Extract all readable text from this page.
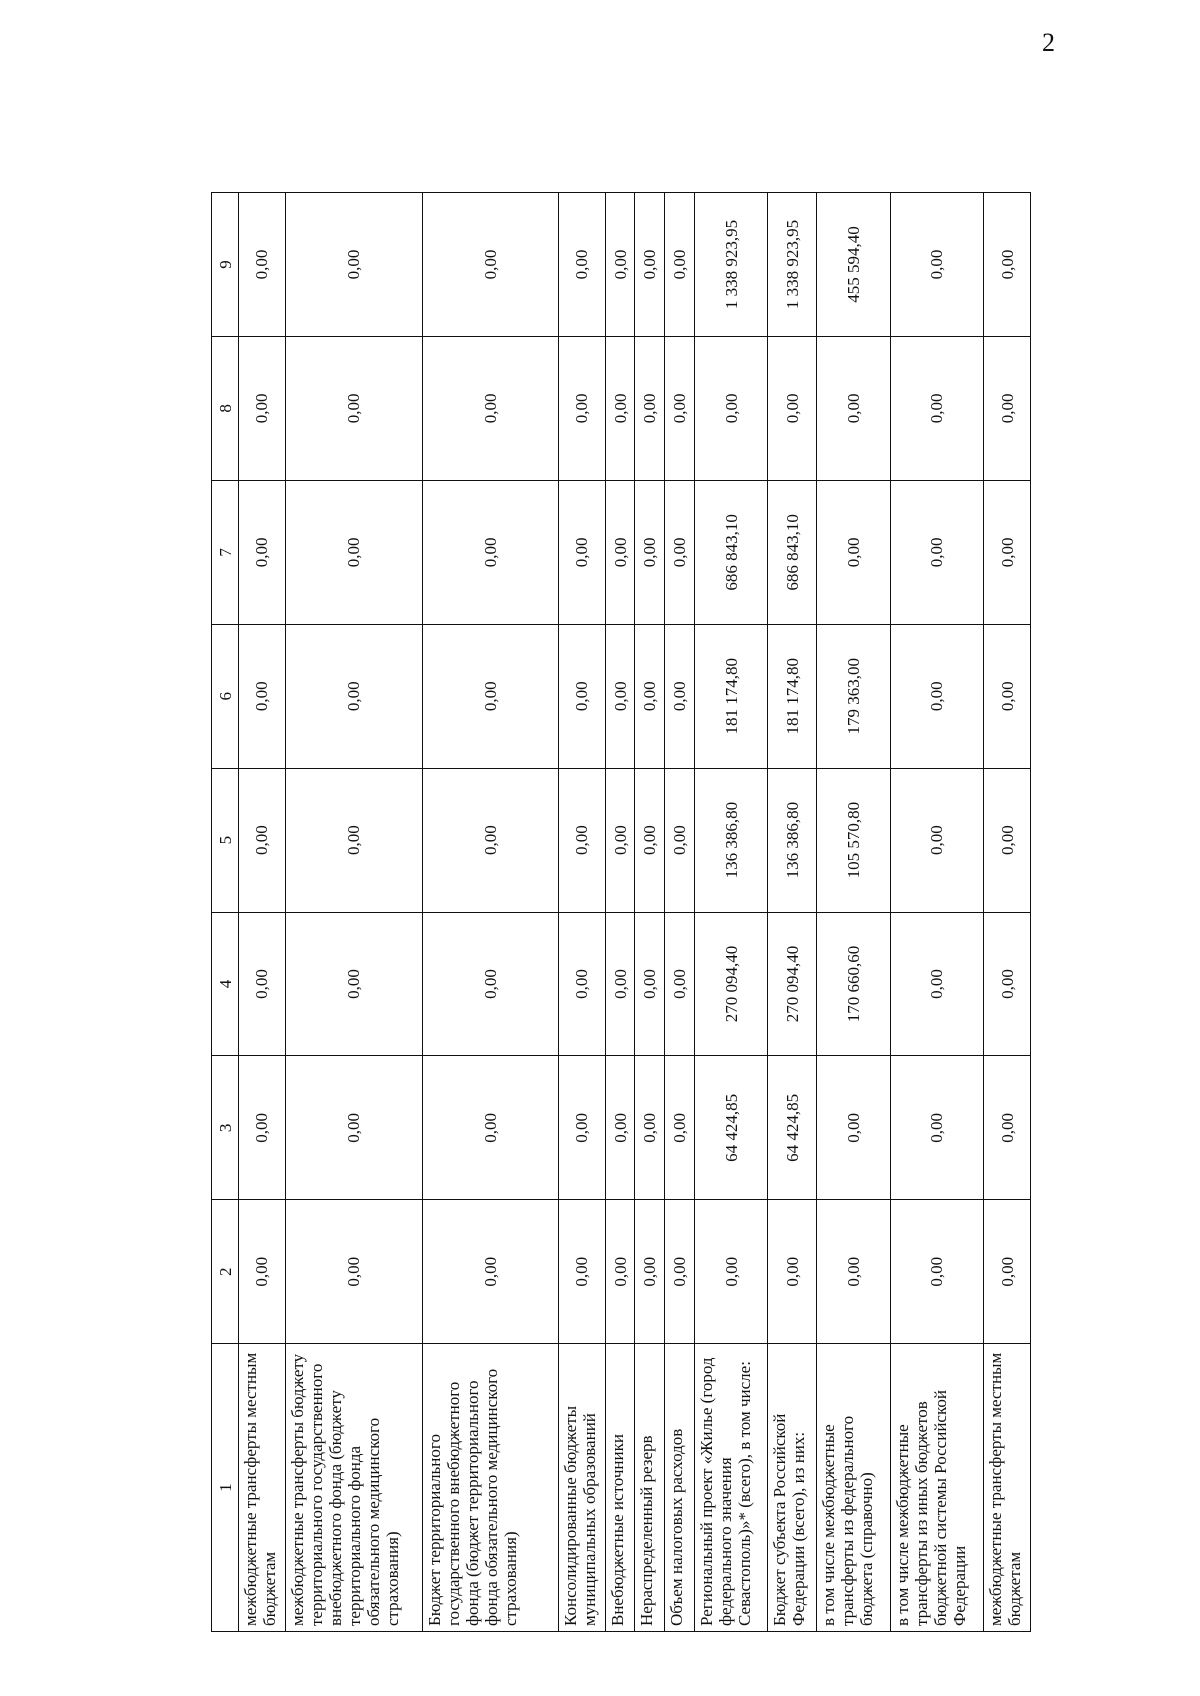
2
1	2	3	4	5	6	7	8	9
межбюджетные трансферты местным бюджетам	0,00	0,00	0,00	0,00	0,00	0,00	0,00	0,00
межбюджетные трансферты бюджету территориального государственного внебюджетного фонда (бюджету территориального фонда обязательного медицинского страхования)	0,00	0,00	0,00	0,00	0,00	0,00	0,00	0,00
Бюджет территориального государственного внебюджетного фонда (бюджет территориального фонда обязательного медицинского страхования)	0,00	0,00	0,00	0,00	0,00	0,00	0,00	0,00
Консолидированные бюджеты муниципальных образований	0,00	0,00	0,00	0,00	0,00	0,00	0,00	0,00
Внебюджетные источники	0,00	0,00	0,00	0,00	0,00	0,00	0,00	0,00
Нераспределенный резерв	0,00	0,00	0,00	0,00	0,00	0,00	0,00	0,00
Объем налоговых расходов	0,00	0,00	0,00	0,00	0,00	0,00	0,00	0,00
Региональный проект «Жилье (город федерального значения Севастополь)»* (всего), в том числе:	0,00	64 424,85	270 094,40	136 386,80	181 174,80	686 843,10	0,00	1 338 923,95
Бюджет субъекта Российской Федерации (всего), из них:	0,00	64 424,85	270 094,40	136 386,80	181 174,80	686 843,10	0,00	1 338 923,95
в том числе межбюджетные трансферты из федерального бюджета (справочно)	0,00	0,00	170 660,60	105 570,80	179 363,00	0,00	0,00	455 594,40
в том числе межбюджетные трансферты из иных бюджетов бюджетной системы Российской Федерации	0,00	0,00	0,00	0,00	0,00	0,00	0,00	0,00
межбюджетные трансферты местным бюджетам	0,00	0,00	0,00	0,00	0,00	0,00	0,00	0,00
